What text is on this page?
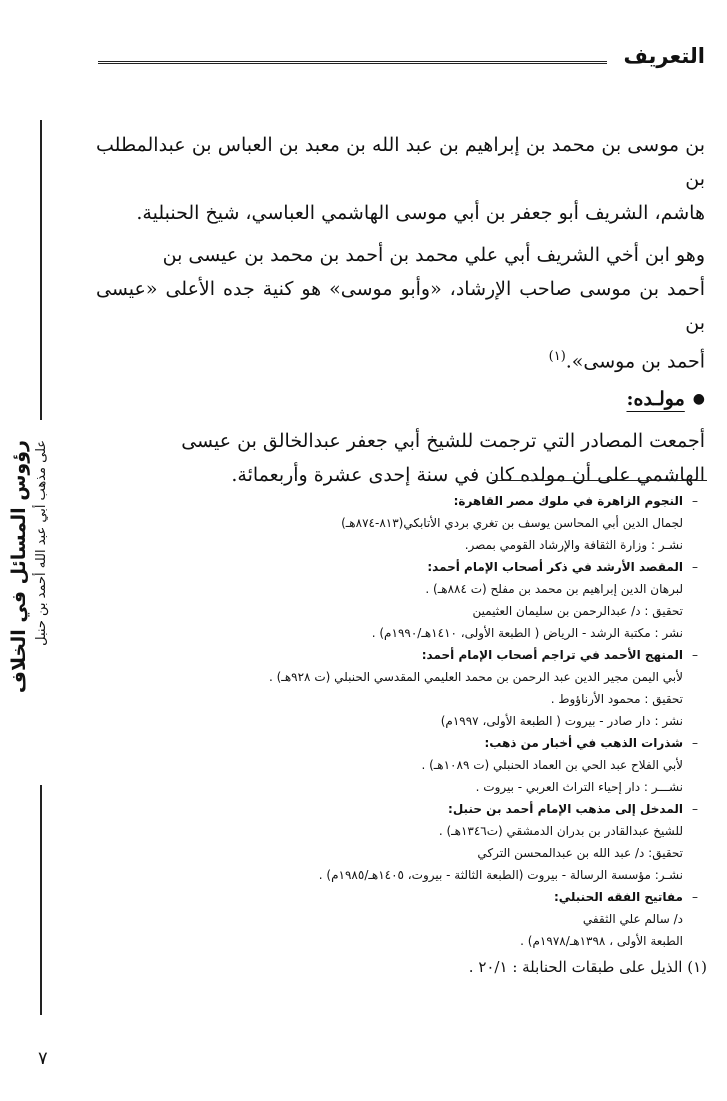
التعريف
رؤوس المسائل في الخلاف على مذهب أبي عبد الله أحمد بن حنبل
بن موسى بن محمد بن إبراهيم بن عبد الله بن معبد بن العباس بن عبدالمطلب بن
هاشم، الشريف أبو جعفر بن أبي موسى الهاشمي العباسي، شيخ الحنبلية.
وهو ابن أخي الشريف أبي علي محمد بن أحمد بن محمد بن عيسى بن
أحمد بن موسى صاحب الإرشاد، «وأبو موسى» هو كنية جده الأعلى «عيسى بن
أحمد بن موسى».$^{(١)}$
●
مولـده:
أجمعت المصادر التي ترجمت للشيخ أبي جعفر عبدالخالق بن عيسى
الهاشمي على أن مولده كان في سنة إحدى عشرة وأربعمائة.
–
النجوم الزاهرة في ملوك مصر القاهرة:
لجمال الدين أبي المحاسن يوسف بن تغري بردي الأتابكي(٨١٣-٨٧٤هـ)
نشـر : وزارة الثقافة والإرشاد القومي بمصر.
–
المقصد الأرشد في ذكر أصحاب الإمام أحمد:
لبرهان الدين إبراهيم بن محمد بن مفلح (ت ٨٨٤هـ) .
تحقيق : د/ عبدالرحمن بن سليمان العثيمين
نشر : مكتبة الرشد - الرياض ( الطبعة الأولى، ١٤١٠هـ/١٩٩٠م) .
–
المنهج الأحمد في تراجم أصحاب الإمام أحمد:
لأبي اليمن مجير الدين عبد الرحمن بن محمد العليمي المقدسي الحنبلي (ت ٩٢٨هـ) .
تحقيق : محمود الأرناؤوط .
نشر : دار صادر - بيروت ( الطبعة الأولى، ١٩٩٧م)
–
شذرات الذهب في أخبار من ذهب:
لأبي الفلاح عبد الحي بن العماد الحنبلي (ت ١٠٨٩هـ) .
نشـــر : دار إحياء التراث العربي - بيروت .
–
المدخل إلى مذهب الإمام أحمد بن حنبل:
للشيخ عبدالقادر بن بدران الدمشقي (ت١٣٤٦هـ) .
تحقيق: د/ عبد الله بن عبدالمحسن التركي
نشـر: مؤسسة الرسالة - بيروت (الطبعة الثالثة - بيروت، ١٤٠٥هـ/١٩٨٥م) .
–
مفاتيح الفقه الحنبلي:
د/ سالم علي الثقفي
الطبعة الأولى ، ١٣٩٨هـ/١٩٧٨م) .
(١) الذيل على طبقات الحنابلة : ٢٠/١ .
٧
